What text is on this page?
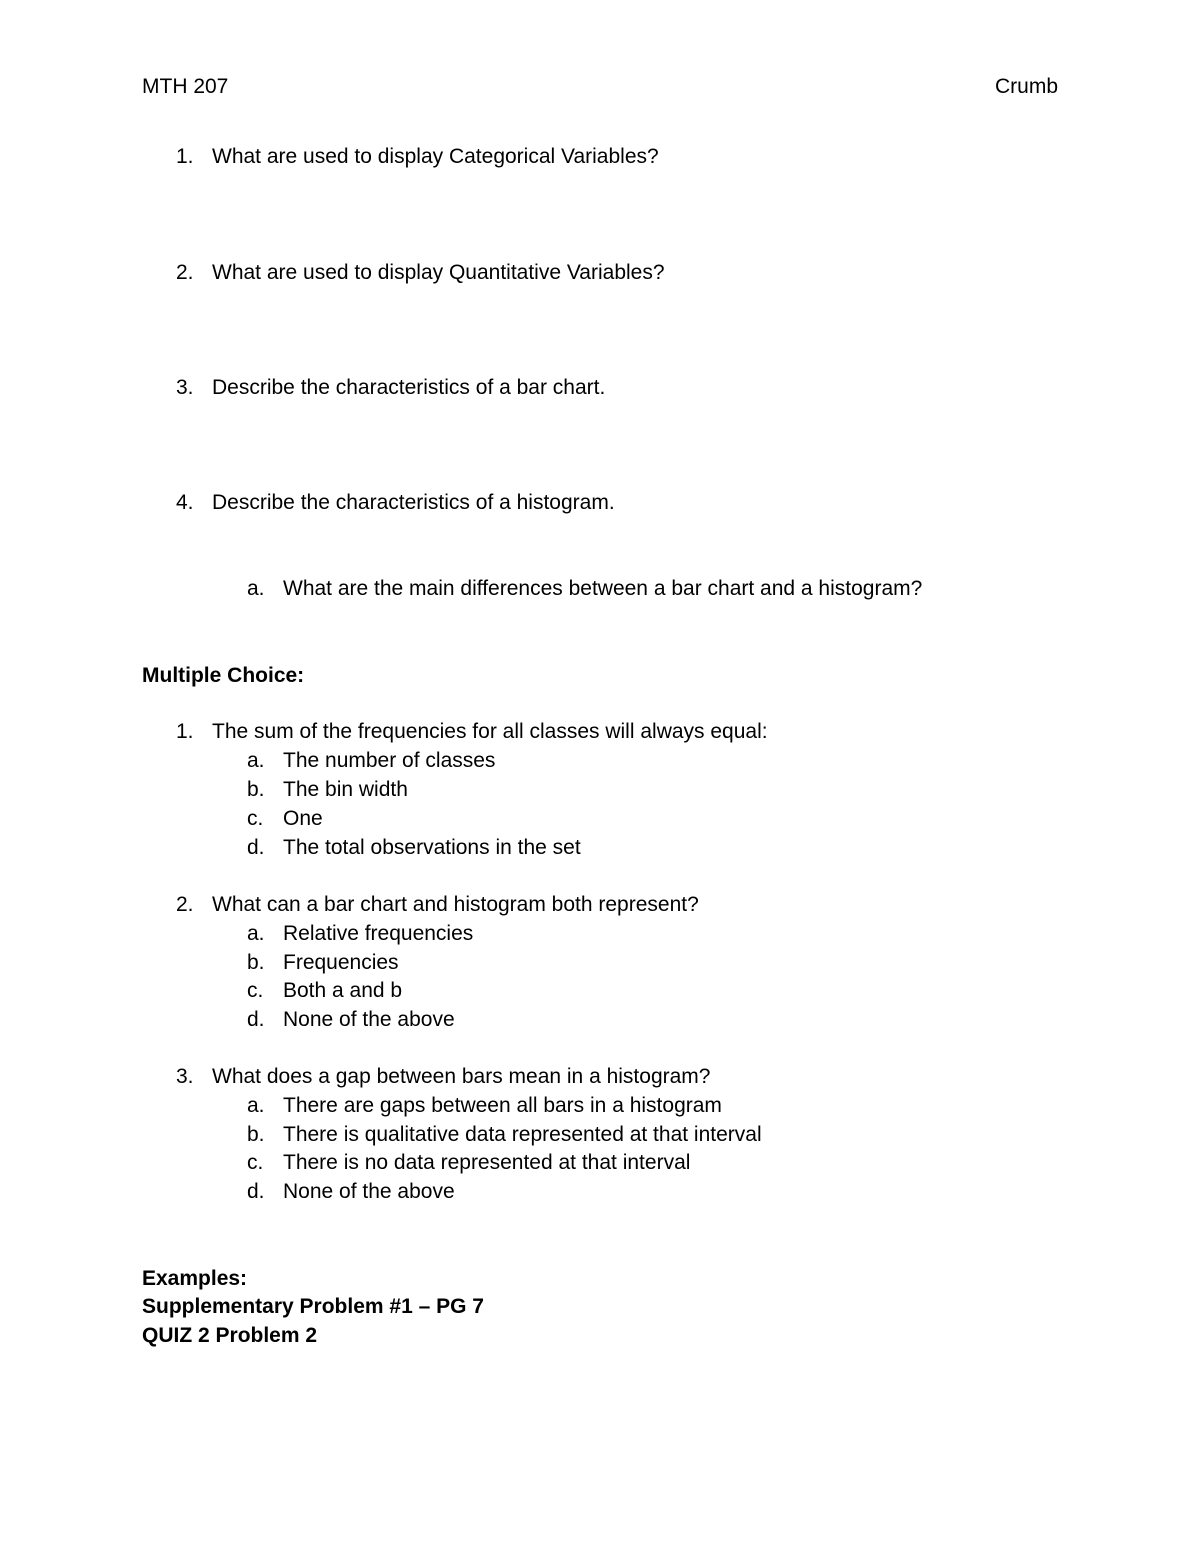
MTH 207	Crumb
1. What are used to display Categorical Variables?
2. What are used to display Quantitative Variables?
3. Describe the characteristics of a bar chart.
4. Describe the characteristics of a histogram.
a. What are the main differences between a bar chart and a histogram?
Multiple Choice:
1. The sum of the frequencies for all classes will always equal:
a. The number of classes
b. The bin width
c. One
d. The total observations in the set
2. What can a bar chart and histogram both represent?
a. Relative frequencies
b. Frequencies
c. Both a and b
d. None of the above
3. What does a gap between bars mean in a histogram?
a. There are gaps between all bars in a histogram
b. There is qualitative data represented at that interval
c. There is no data represented at that interval
d. None of the above
Examples:
Supplementary Problem #1 – PG 7
QUIZ 2 Problem 2
